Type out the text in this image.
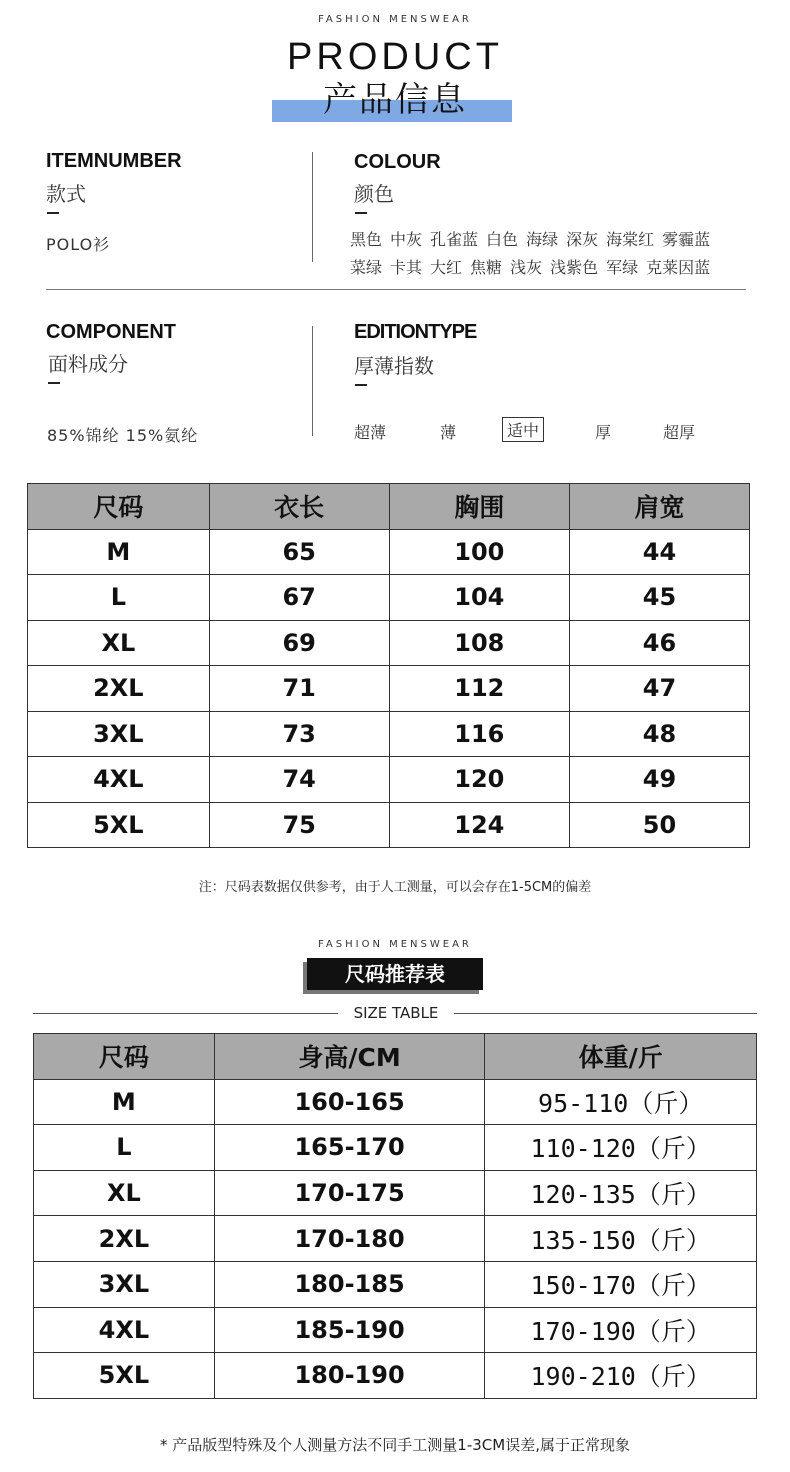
FASHION MENSWEAR
PRODUCT
产品信息
ITEMNUMBER
款式
POLO衫
COLOUR
颜色
黑色 中灰 孔雀蓝 白色 海绿 深灰 海棠红 雾霾蓝
菜绿 卡其 大红 焦糖 浅灰 浅紫色 军绿 克莱因蓝
COMPONENT
面料成分
85%锦纶 15%氨纶
EDITIONTYPE
厚薄指数
超薄	薄	适中	厚	超厚
尺码	衣长	胸围	肩宽
M	65	100	44
L	67	104	45
XL	69	108	46
2XL	71	112	47
3XL	73	116	48
4XL	74	120	49
5XL	75	124	50
注：尺码表数据仅供参考，由于人工测量，可以会存在1-5CM的偏差
FASHION MENSWEAR
尺码推荐表
SIZE TABLE
尺码	身高/CM	体重/斤
M	160-165	95-110（斤）
L	165-170	110-120（斤）
XL	170-175	120-135（斤）
2XL	170-180	135-150（斤）
3XL	180-185	150-170（斤）
4XL	185-190	170-190（斤）
5XL	180-190	190-210（斤）
* 产品版型特殊及个人测量方法不同手工测量1-3CM误差,属于正常现象
